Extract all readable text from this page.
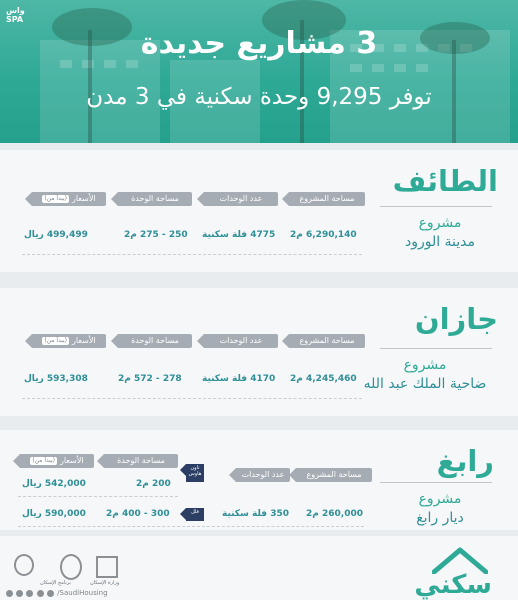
واس
SPA
3 مشاريع جديدة
توفر 9,295 وحدة سكنية في 3 مدن
الطائف
مشروع
مدينة الورود
مساحة المشروع
عدد الوحدات
مساحة الوحدة
الأسعار(يبدأ من)
6,290,140 م2
4775 فلة سكنية
250 - 275 م2
499,499 ريال
جازان
مشروع
ضاحية الملك عبد الله
مساحة المشروع
عدد الوحدات
مساحة الوحدة
الأسعار(يبدأ من)
4,245,460 م2
4170 فلة سكنية
278 - 572 م2
593,308 ريال
رابغ
مشروع
ديار رابغ
مساحة المشروع
عدد الوحدات
مساحة الوحدة
الأسعار(يبدأ من)
تاون هاوس
فلل
200 م2
542,000 ريال
260,000 م2
350 فلة سكنية
300 - 400 م2
590,000 ريال
سكني
وزارة الإسكان
برنامج الإسكان
/SaudiHousing
